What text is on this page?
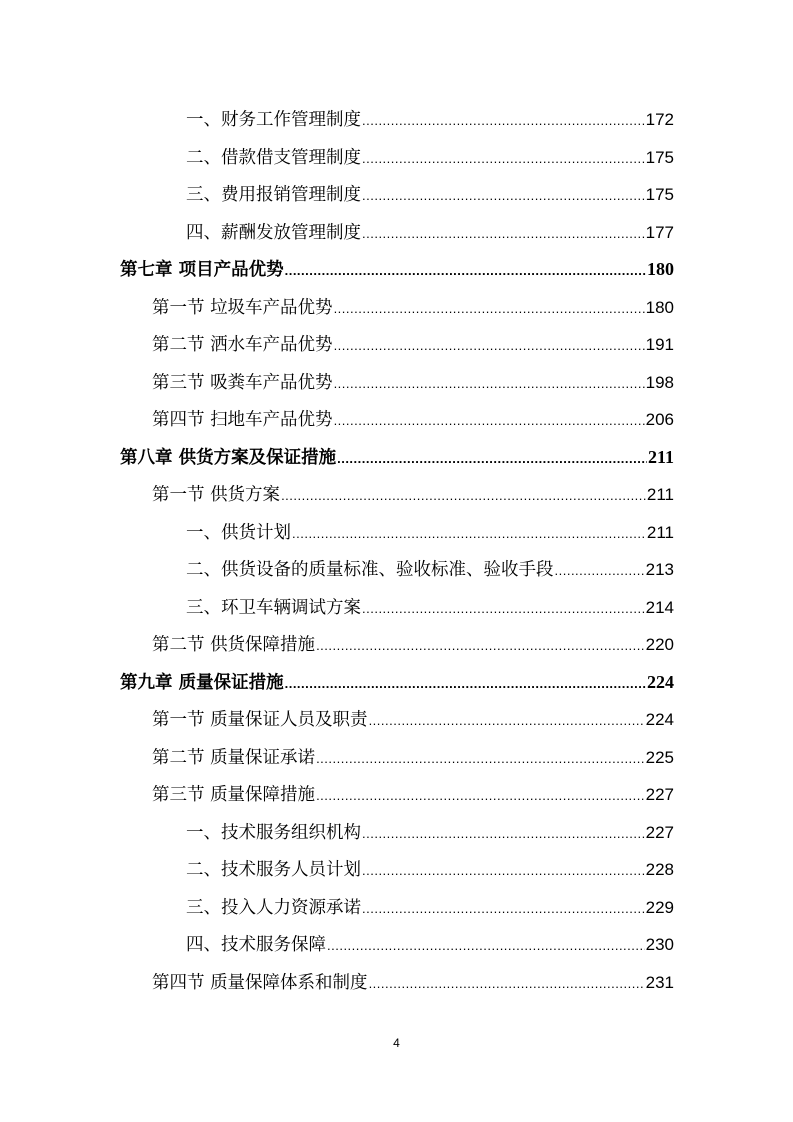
一、财务工作管理制度 .....	172
二、借款借支管理制度 .....	175
三、费用报销管理制度 .....	175
四、薪酬发放管理制度 .....	177
第七章 项目产品优势 .....	180
第一节 垃圾车产品优势 .....	180
第二节 洒水车产品优势 .....	191
第三节 吸粪车产品优势 .....	198
第四节 扫地车产品优势 .....	206
第八章 供货方案及保证措施 .....	211
第一节 供货方案 .....	211
一、供货计划 .....	211
二、供货设备的质量标准、验收标准、验收手段 .....	213
三、环卫车辆调试方案 .....	214
第二节 供货保障措施 .....	220
第九章 质量保证措施 .....	224
第一节 质量保证人员及职责 .....	224
第二节 质量保证承诺 .....	225
第三节 质量保障措施 .....	227
一、技术服务组织机构 .....	227
二、技术服务人员计划 .....	228
三、投入人力资源承诺 .....	229
四、技术服务保障 .....	230
第四节 质量保障体系和制度 .....	231
4
